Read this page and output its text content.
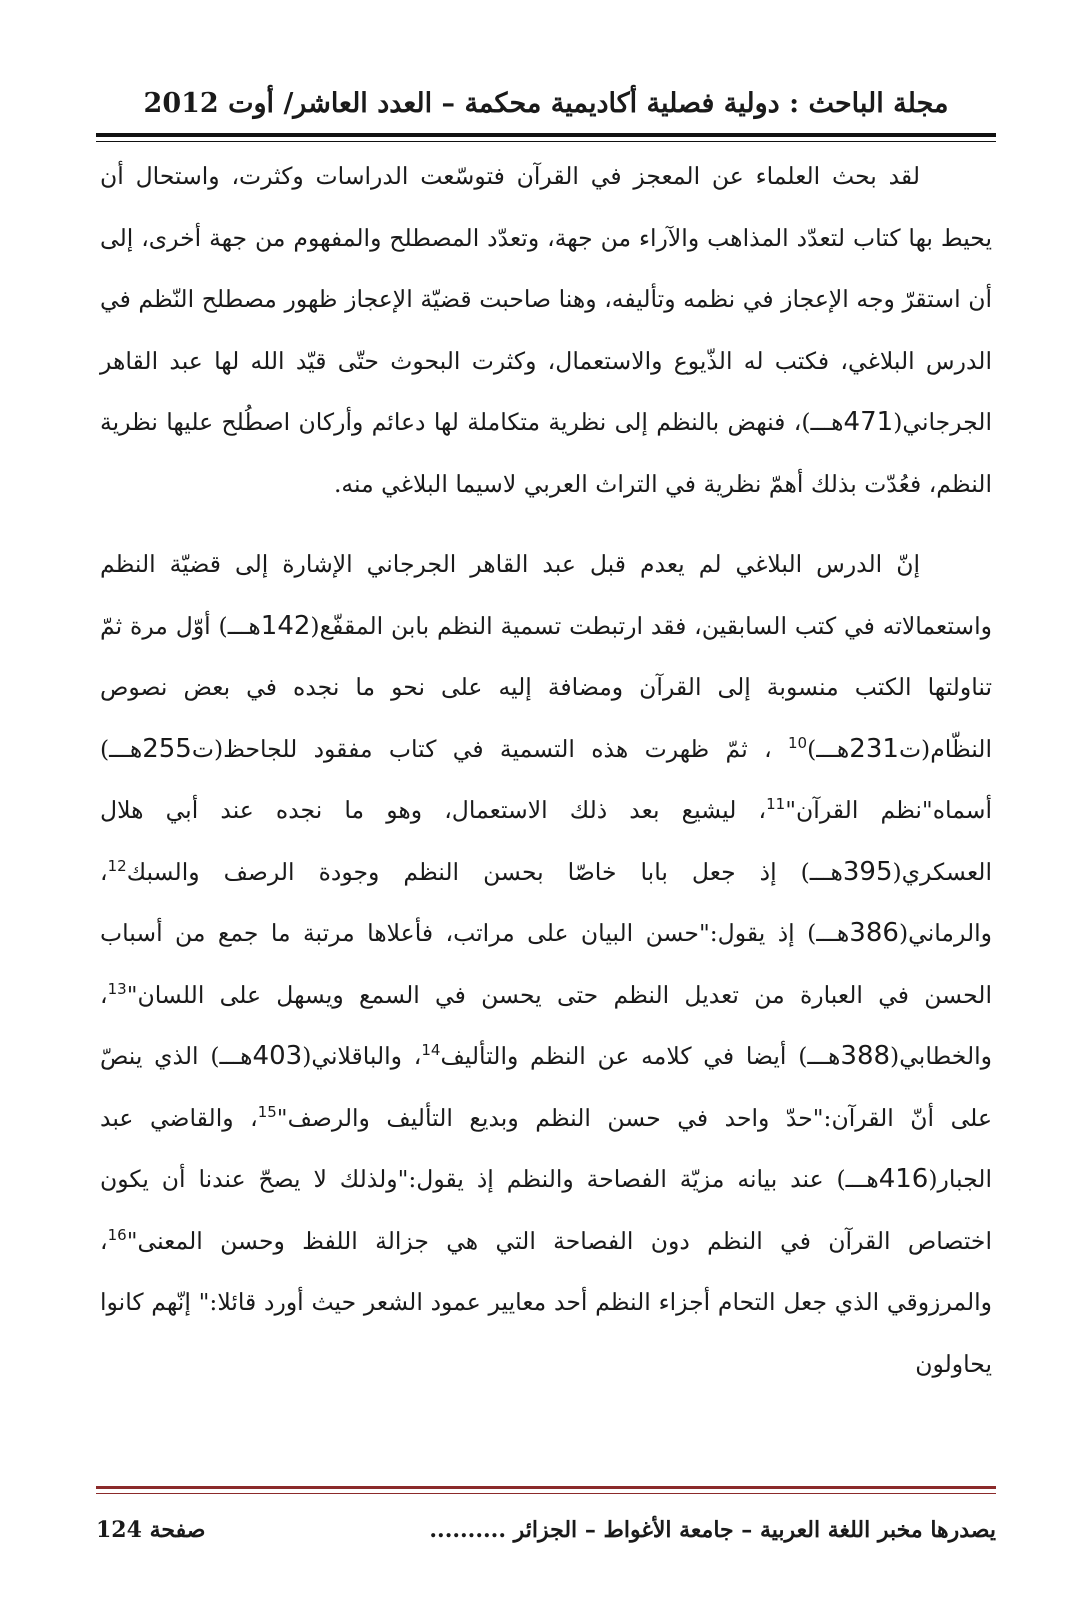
مجلة الباحث : دولية فصلية أكاديمية محكمة – العدد العاشر/ أوت 2012

لقد بحث العلماء عن المعجز في القرآن فتوسّعت الدراسات وكثرت، واستحال أن يحيط بها كتاب لتعدّد المذاهب والآراء من جهة، وتعدّد المصطلح والمفهوم من جهة أخرى، إلى أن استقرّ وجه الإعجاز في نظمه وتأليفه، وهنا صاحبت قضيّة الإعجاز ظهور مصطلح النّظم في الدرس البلاغي، فكتب له الذّيوع والاستعمال، وكثرت البحوث حتّى قيّد الله لها عبد القاهر الجرجاني(471هـــ)، فنهض بالنظم إلى نظرية متكاملة لها دعائم وأركان اصطُلح عليها نظرية النظم، فعُدّت بذلك أهمّ نظرية في التراث العربي لاسيما البلاغي منه.

إنّ الدرس البلاغي لم يعدم قبل عبد القاهر الجرجاني الإشارة إلى قضيّة النظم واستعمالاته في كتب السابقين، فقد ارتبطت تسمية النظم بابن المقفّع(142هـــ) أوّل مرة ثمّ تناولتها الكتب منسوبة إلى القرآن ومضافة إليه على نحو ما نجده في بعض نصوص النظّام(ت231هـــ)$^{10}$ ، ثمّ ظهرت هذه التسمية في كتاب مفقود للجاحظ(ت255هـــ) أسماه"نظم القرآن"$^{11}$، ليشيع بعد ذلك الاستعمال، وهو ما نجده عند أبي هلال العسكري(395هـــ) إذ جعل بابا خاصّا بحسن النظم وجودة الرصف والسبك$^{12}$، والرماني(386هـــ) إذ يقول:"حسن البيان على مراتب، فأعلاها مرتبة ما جمع من أسباب الحسن في العبارة من تعديل النظم حتى يحسن في السمع ويسهل على اللسان"$^{13}$، والخطابي(388هـــ) أيضا في كلامه عن النظم والتأليف$^{14}$، والباقلاني(403هـــ) الذي ينصّ على أنّ القرآن:"حدّ واحد في حسن النظم وبديع التأليف والرصف"$^{15}$، والقاضي عبد الجبار(416هـــ) عند بيانه مزيّة الفصاحة والنظم إذ يقول:"ولذلك لا يصحّ عندنا أن يكون اختصاص القرآن في النظم دون الفصاحة التي هي جزالة اللفظ وحسن المعنى"$^{16}$، والمرزوقي الذي جعل التحام أجزاء النظم أحد معايير عمود الشعر حيث أورد قائلا:" إنّهم كانوا يحاولون

يصدرها مخبر اللغة العربية – جامعة الأغواط – الجزائر ..........
صفحة 124
